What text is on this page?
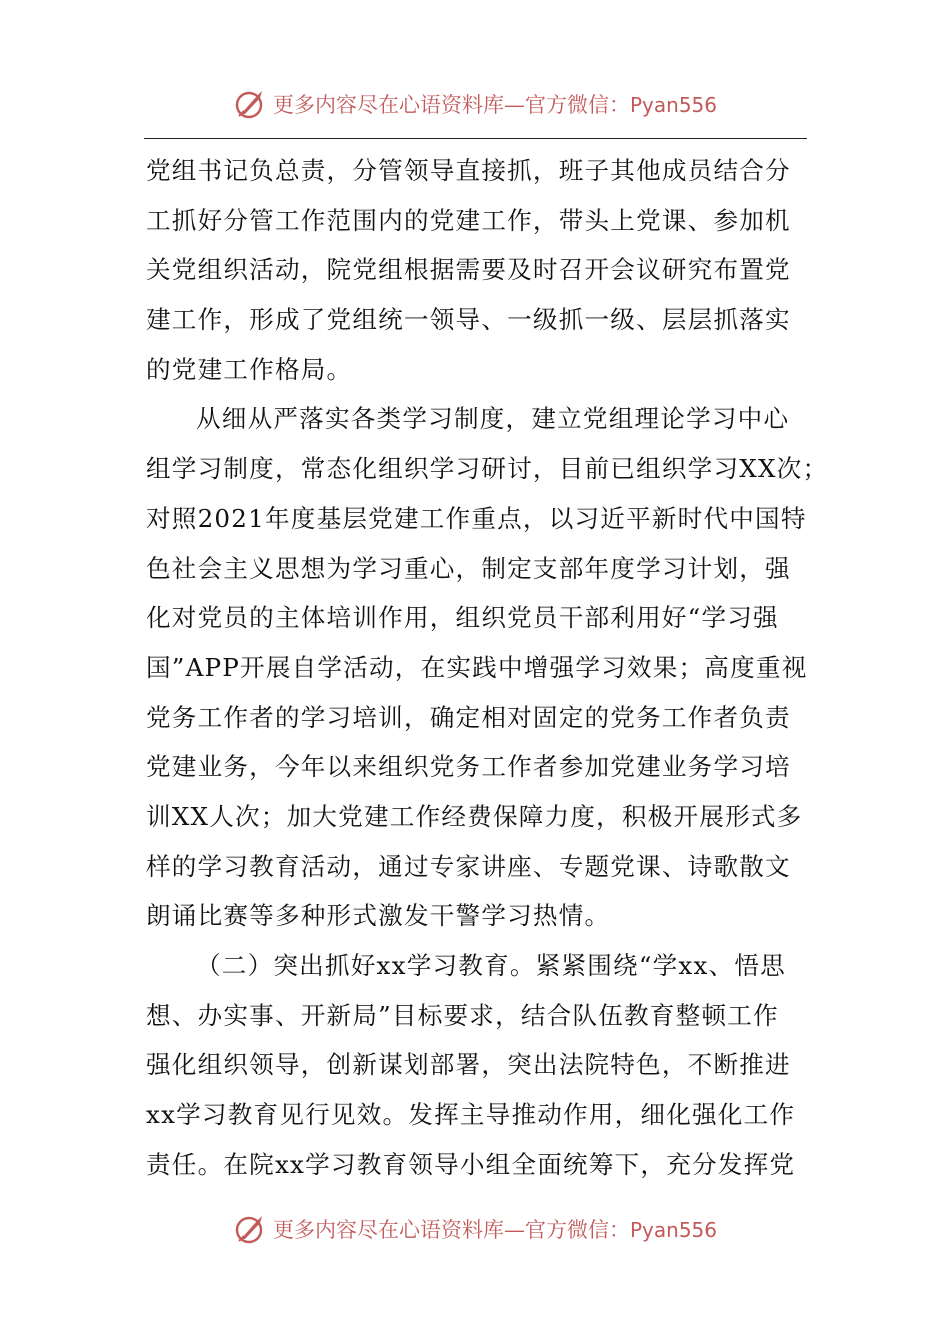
更多内容尽在心语资料库—官方微信：Pyan556
党组书记负总责，分管领导直接抓，班子其他成员结合分
工抓好分管工作范围内的党建工作，带头上党课、参加机
关党组织活动，院党组根据需要及时召开会议研究布置党
建工作，形成了党组统一领导、一级抓一级、层层抓落实
的党建工作格局。
从细从严落实各类学习制度，建立党组理论学习中心
组学习制度，常态化组织学习研讨，目前已组织学习XX次；
对照2021年度基层党建工作重点，以习近平新时代中国特
色社会主义思想为学习重心，制定支部年度学习计划，强
化对党员的主体培训作用，组织党员干部利用好“学习强
国”APP开展自学活动，在实践中增强学习效果；高度重视
党务工作者的学习培训，确定相对固定的党务工作者负责
党建业务，今年以来组织党务工作者参加党建业务学习培
训XX人次；加大党建工作经费保障力度，积极开展形式多
样的学习教育活动，通过专家讲座、专题党课、诗歌散文
朗诵比赛等多种形式激发干警学习热情。
（二）突出抓好xx学习教育。紧紧围绕“学xx、悟思
想、办实事、开新局”目标要求，结合队伍教育整顿工作
强化组织领导，创新谋划部署，突出法院特色，不断推进
xx学习教育见行见效。发挥主导推动作用，细化强化工作
责任。在院xx学习教育领导小组全面统筹下，充分发挥党
更多内容尽在心语资料库—官方微信：Pyan556
